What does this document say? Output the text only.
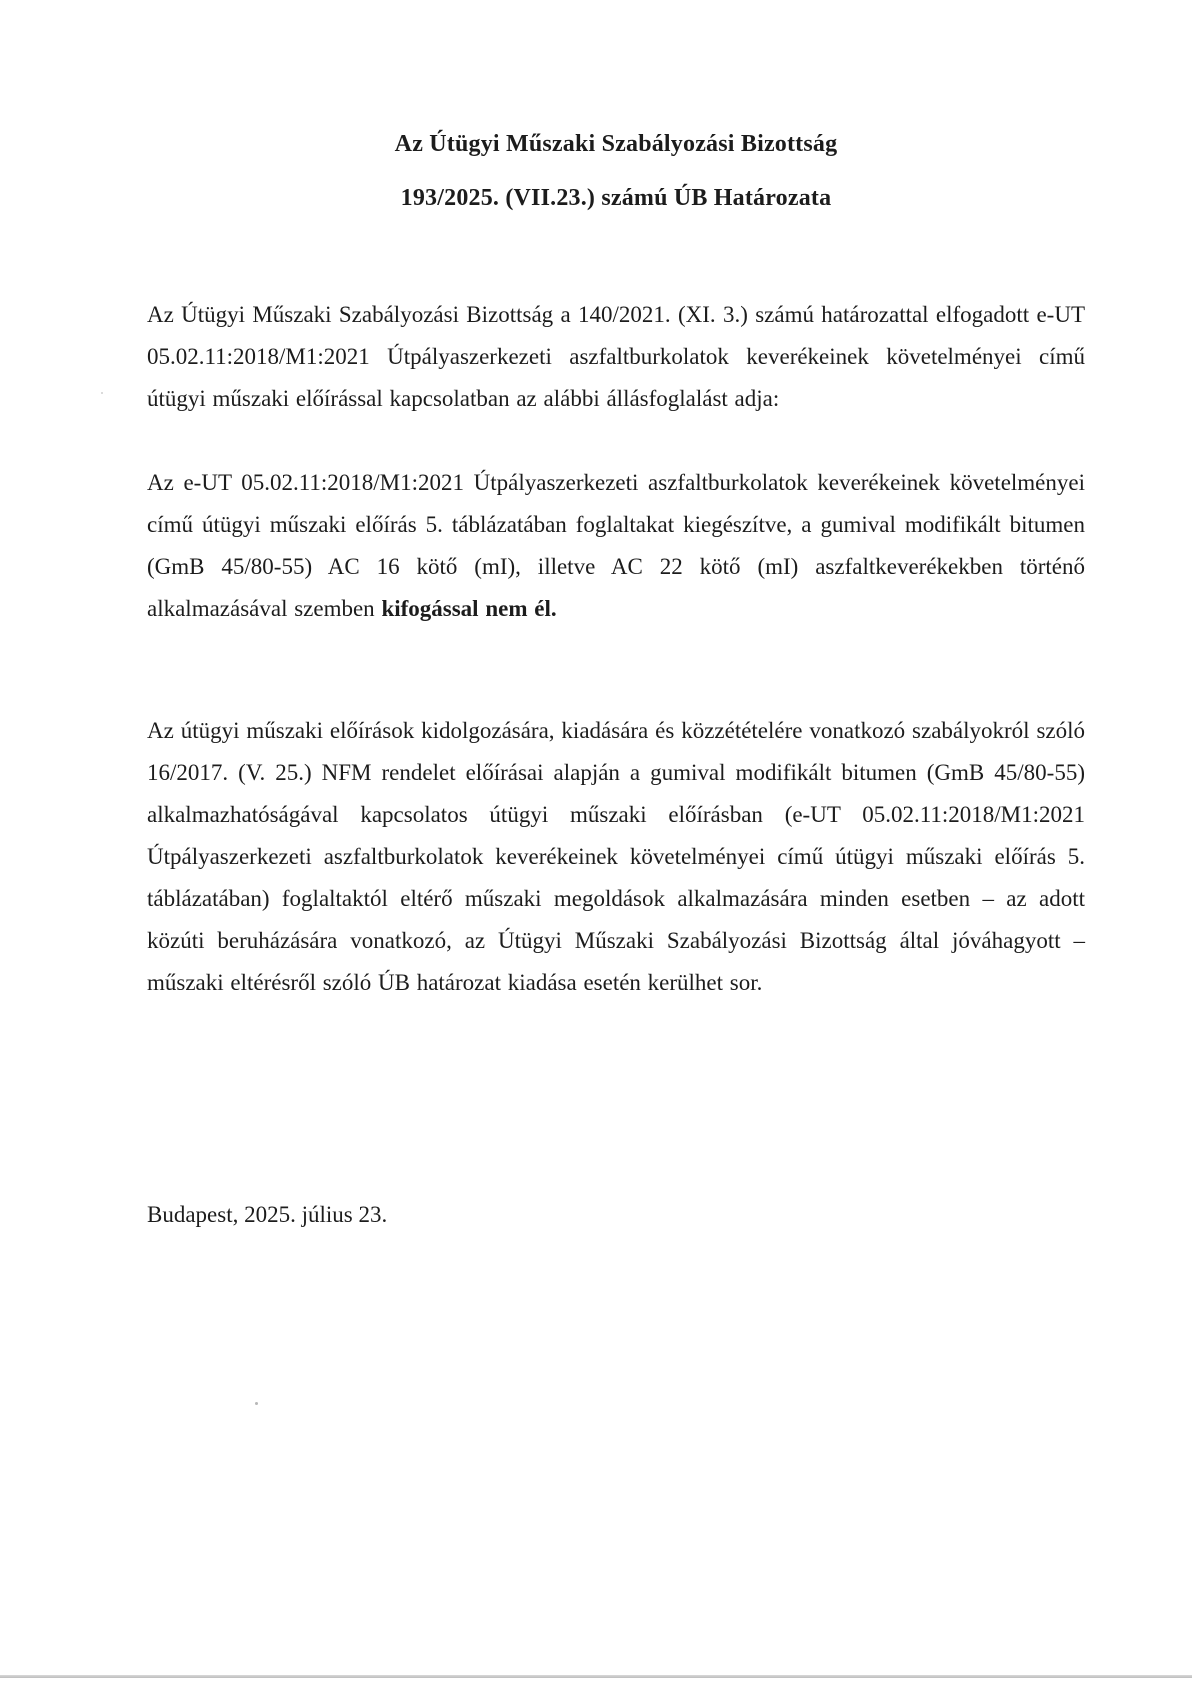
Az Útügyi Műszaki Szabályozási Bizottság
193/2025. (VII.23.) számú ÚB Határozata

Az Útügyi Műszaki Szabályozási Bizottság a 140/2021. (XI. 3.) számú határozattal elfogadott e-UT 05.02.11:2018/M1:2021 Útpályaszerkezeti aszfaltburkolatok keverékeinek követelményei című útügyi műszaki előírással kapcsolatban az alábbi állásfoglalást adja:

Az e-UT 05.02.11:2018/M1:2021 Útpályaszerkezeti aszfaltburkolatok keverékeinek követelményei című útügyi műszaki előírás 5. táblázatában foglaltakat kiegészítve, a gumival modifikált bitumen (GmB 45/80-55) AC 16 kötő (mI), illetve AC 22 kötő (mI) aszfaltkeverékekben történő alkalmazásával szemben kifogással nem él.

Az útügyi műszaki előírások kidolgozására, kiadására és közzétételére vonatkozó szabályokról szóló 16/2017. (V. 25.) NFM rendelet előírásai alapján a gumival modifikált bitumen (GmB 45/80-55) alkalmazhatóságával kapcsolatos útügyi műszaki előírásban (e-UT 05.02.11:2018/M1:2021 Útpályaszerkezeti aszfaltburkolatok keverékeinek követelményei című útügyi műszaki előírás 5. táblázatában) foglaltaktól eltérő műszaki megoldások alkalmazására minden esetben – az adott közúti beruházására vonatkozó, az Útügyi Műszaki Szabályozási Bizottság által jóváhagyott – műszaki eltérésről szóló ÚB határozat kiadása esetén kerülhet sor.

Budapest, 2025. július 23.
